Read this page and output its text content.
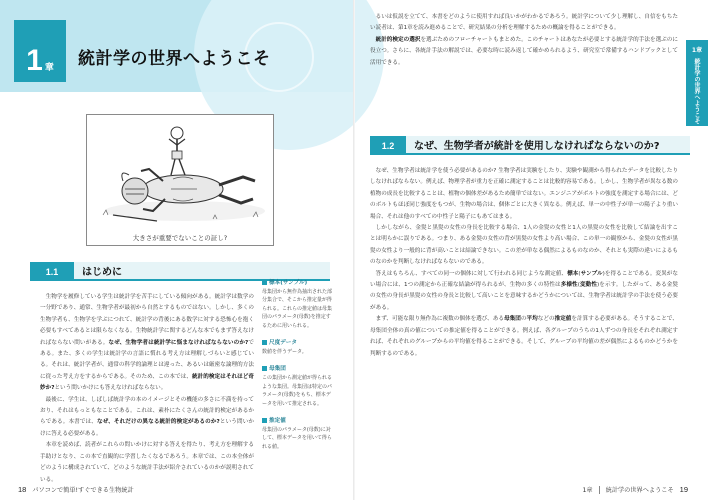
1 章 統計学の世界へようこそ
大きさが重要でないことの証し?
1.1	はじめに

生物学を履修している学生は統計学を苦手にしている傾向がある。統計学は数学の一分野であり、通常、生物学者が最初から自然とするものではない。しかし、多くの生物学者も、生物学を学ぶにつれて、統計学の背後にある数学に対する恐怖心を抱く必要もすべてあるとは限らなくなる。生物統計学に関するどんな本でもまず答えなければならない問いがある。なぜ、生物学者は統計学に悩まなければならないのか?である。また、多くの学生は統計学の言語に慣れる考え方は理解しづらいと感じている。それは、統計学者が、通常の科学的論理とは違った、あるいは厳密な論理的方法に従った考え方をするからである。そのため、この本では、統計的検定はそれほど奇妙か?という問いかけにも答えなければならない。

最後に、学生は、しばしば統計学の本のイメージとその機能の多さに不満を持っており、それはもっともなことである。これは、素朴にたくさんの統計的検定があるからである。本書では、なぜ、それだけの異なる統計的検定があるのか?という問いかけに答える必要がある。

本章を読めば、読者がこれらの問いかけに対する答えを得たり、考え方を理解する手助けとなり、この本で直観的に学習したくなるであろう。本章では、この本全体がどのように構成されていて、どのような統計手法が紹介されているのかが説明されている。

標本(サンプル)
母集団から無作為抽出された部分集合で、そこから推定量が得られる。これらの推定値は母集団のパラメータ(母数)を推定するために用いられる。
尺度データ
数値を伴うデータ。
母集団
この集団から測定値が得られるような集団。母集団は特定のパラメータ(母数)をもち、標本データを用いて推定される。
推定値
母集団のパラメータ(母数)に対して、標本データを用いて得られる値。
18 パソコンで簡単!すぐできる生物統計

るいは仮説を立てて、本書をどのように使用すれば良いかがわかるであろう。統計学について少し理解し、自信をもちたい読者は、第1章を読み進めることで、研究結果の分析を理解するための概論を得ることができる。

統計的検定の選択を選ぶためのフローチャートもまとめた。このチャートはあなたが必要とする統計学的手法を選ぶのに役立つ。さらに、各統計手法の解説では、必要な時に読み返して確かめられるよう、研究室で常備するハンドブックとして活用できる。

1章
統計学の世界へようこそ
1.2	なぜ、生物学者が統計を使用しなければならないのか?

なぜ、生物学者は統計学を使う必要があるのか? 生物学者は実験をしたり、実験や観測から得られたデータを比較したりしなければならない。例えば、物理学者が重力を正確に測定することは比較的容易である。しかし、生物学者が異なる数の植物の成長を比較することは、植物の個体差があるため簡単ではない。エンジニアがボルトの強度を測定する場合には、どのボルトもほぼ同じ強度をもつが、生物の場合は、個体ごとに大きく異なる。例えば、単一の中性子が単一の陽子より重い場合、それは他のすべての中性子と陽子にもあてはまる。

しかしながら、金髪と黒髪の女性の身長を比較する場合、1人の金髪の女性と1人の黒髪の女性を比較して結論を出すことは明らかに誤りである。つまり、ある金髪の女性の背が黒髪の女性より高い場合、この単一の観察から、金髪の女性が黒髪の女性より一般的に背が高いことは結論できない。この差が単なる偶然によるものなのか、それとも実際の違いによるものなのかを判断しなければならないのである。

答えはもちろん、すべての同一の個体に対して行われる同じような測定値、標本(サンプル)を得ることである。変異がない場合には、1つの測定から正確な結論が得られるが、生物の多くの特性は多様性(変動性)を示す。したがって、ある金髪の女性の身長が黒髪の女性の身長と比較して高いことを意味するかどうかについては、生物学者は統計学の手法を使う必要がある。

まず、可能な限り無作為に複数の個体を選び、ある母集団の平均などの推定値を計算する必要がある。そうすることで、母集団全体の真の値についての推定値を得ることができる。例えば、各グループのうちの1人ずつの身長をそれぞれ測定すれば、それぞれのグループからの平均値を得ることができる。そして、グループの平均値の差が偶然によるものかどうかを判断するのである。

1章 統計学の世界へようこそ 19
